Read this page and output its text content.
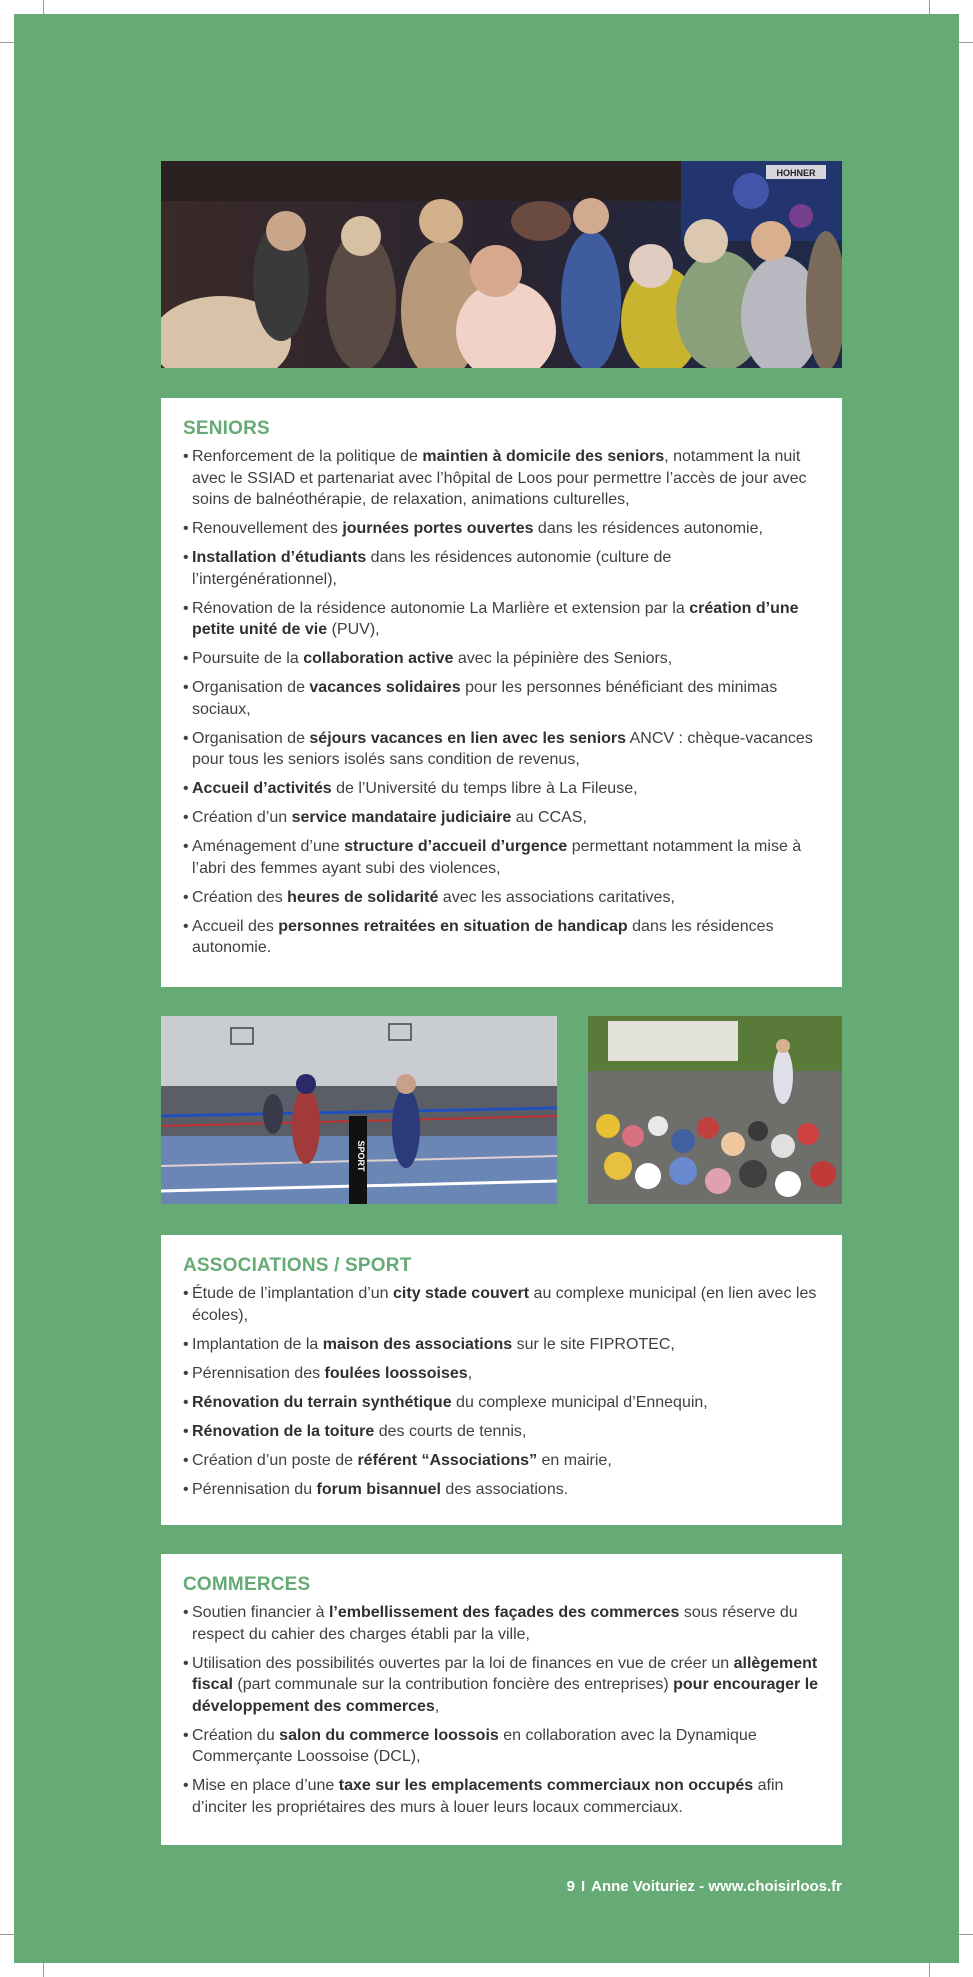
HOHNER
SENIORS
• Renforcement de la politique de maintien à domicile des seniors, notamment la nuit avec le SSIAD et partenariat avec l’hôpital de Loos pour permettre l’accès de jour avec soins de balnéothérapie, de relaxation, animations culturelles,
• Renouvellement des journées portes ouvertes dans les résidences autonomie,
• Installation d’étudiants dans les résidences autonomie (culture de l’intergénérationnel),
• Rénovation de la résidence autonomie La Marlière et extension par la création d’une petite unité de vie (PUV),
• Poursuite de la collaboration active avec la pépinière des Seniors,
• Organisation de vacances solidaires pour les personnes bénéficiant des minimas sociaux,
• Organisation de séjours vacances en lien avec les seniors ANCV : chèque-vacances pour tous les seniors isolés sans condition de revenus,
• Accueil d’activités de l’Université du temps libre à La Fileuse,
• Création d’un service mandataire judiciaire au CCAS,
• Aménagement d’une structure d’accueil d’urgence permettant notamment la mise à l’abri des femmes ayant subi des violences,
• Création des heures de solidarité avec les associations caritatives,
• Accueil des personnes retraitées en situation de handicap dans les résidences autonomie.
SPORT
ASSOCIATIONS / SPORT
• Étude de l’implantation d’un city stade couvert au complexe municipal (en lien avec les écoles),
• Implantation de la maison des associations sur le site FIPROTEC,
• Pérennisation des foulées loossoises,
• Rénovation du terrain synthétique du complexe municipal d’Ennequin,
• Rénovation de la toiture des courts de tennis,
• Création d’un poste de référent “Associations” en mairie,
• Pérennisation du forum bisannuel des associations.
COMMERCES
• Soutien financier à l’embellissement des façades des commerces sous réserve du respect du cahier des charges établi par la ville,
• Utilisation des possibilités ouvertes par la loi de finances en vue de créer un allègement fiscal (part communale sur la contribution foncière des entreprises) pour encourager le développement des commerces,
• Création du salon du commerce loossois en collaboration avec la Dynamique Commerçante Loossoise (DCL),
• Mise en place d’une taxe sur les emplacements commerciaux non occupés afin d’inciter les propriétaires des murs à louer leurs locaux commerciaux.
9 I Anne Voituriez - www.choisirloos.fr
